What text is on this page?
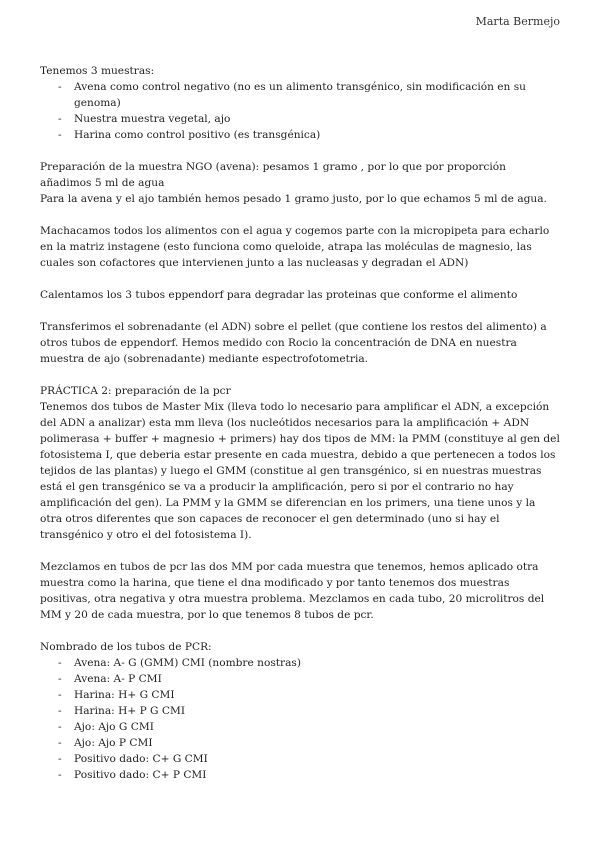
Marta Bermejo

Tenemos 3 muestras:

- Avena como control negativo (no es un alimento transgénico, sin modificación en su genoma)
- Nuestra muestra vegetal, ajo
- Harina como control positivo (es transgénica)

Preparación de la muestra NGO (avena): pesamos 1 gramo , por lo que por proporción añadimos 5 ml de agua

Para la avena y el ajo también hemos pesado 1 gramo justo, por lo que echamos 5 ml de agua.

Machacamos todos los alimentos con el agua y cogemos parte con la micropipeta para echarlo en la matriz instagene (esto funciona como queloide, atrapa las moléculas de magnesio, las cuales son cofactores que intervienen junto a las nucleasas y degradan el ADN)

Calentamos los 3 tubos eppendorf para degradar las proteinas que conforme el alimento

Transferimos el sobrenadante (el ADN) sobre el pellet (que contiene los restos del alimento) a otros tubos de eppendorf. Hemos medido con Rocio la concentración de DNA en nuestra muestra de ajo (sobrenadante) mediante espectrofotometria.

PRÁCTICA 2: preparación de la pcr

Tenemos dos tubos de Master Mix (lleva todo lo necesario para amplificar el ADN, a excepción del ADN a analizar) esta mm lleva (los nucleótidos necesarios para la amplificación + ADN polimerasa + buffer + magnesio + primers) hay dos tipos de MM: la PMM (constituye al gen del fotosistema I, que deberia estar presente en cada muestra, debido a que pertenecen a todos los tejidos de las plantas) y luego el GMM (constitue al gen transgénico, si en nuestras muestras está el gen transgénico se va a producir la amplificación, pero si por el contrario no hay amplificación del gen). La PMM y la GMM se diferencian en los primers, una tiene unos y la otra otros diferentes que son capaces de reconocer el gen determinado (uno si hay el transgénico y otro el del fotosistema I).

Mezclamos en tubos de pcr las dos MM por cada muestra que tenemos, hemos aplicado otra muestra como la harina, que tiene el dna modificado y por tanto tenemos dos muestras positivas, otra negativa y otra muestra problema. Mezclamos en cada tubo, 20 microlitros del MM y 20 de cada muestra, por lo que tenemos 8 tubos de pcr.

Nombrado de los tubos de PCR:

- Avena: A- G (GMM) CMI (nombre nostras)
- Avena: A- P CMI
- Harina: H+ G CMI
- Harina: H+ P G CMI
- Ajo: Ajo G CMI
- Ajo: Ajo P CMI
- Positivo dado: C+ G CMI
- Positivo dado: C+ P CMI
